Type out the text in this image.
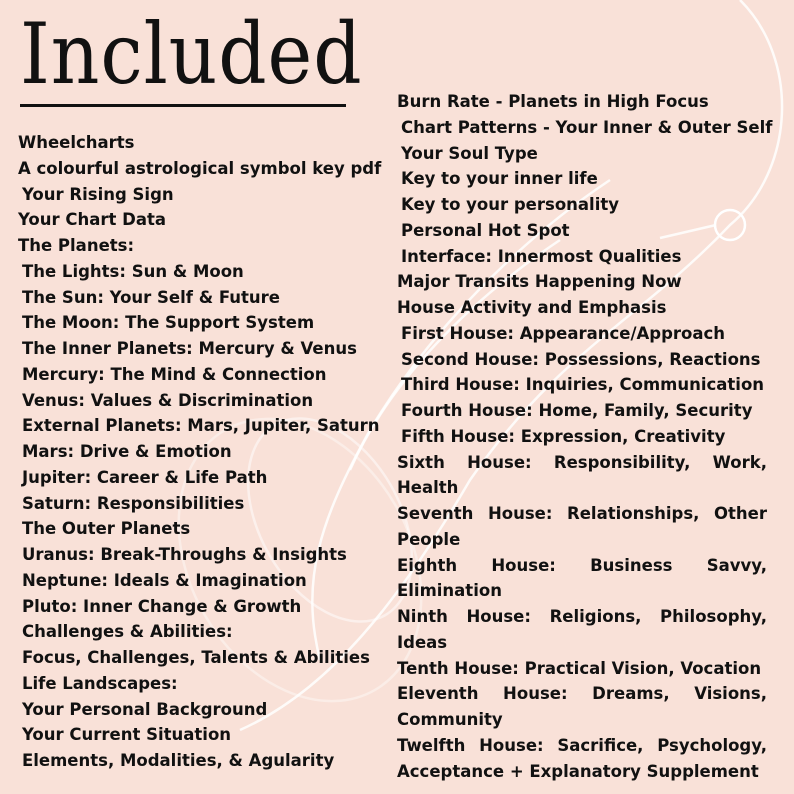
Included
Wheelcharts
A colourful astrological symbol key pdf
Your Rising Sign
Your Chart Data
The Planets:
The Lights: Sun & Moon
The Sun: Your Self & Future
The Moon: The Support System
The Inner Planets: Mercury & Venus
Mercury: The Mind & Connection
Venus: Values & Discrimination
External Planets: Mars, Jupiter, Saturn
Mars: Drive & Emotion
Jupiter: Career & Life Path
Saturn: Responsibilities
The Outer Planets
Uranus: Break-Throughs & Insights
Neptune: Ideals & Imagination
Pluto: Inner Change & Growth
Challenges & Abilities:
Focus, Challenges, Talents & Abilities
Life Landscapes:
Your Personal Background
Your Current Situation
Elements, Modalities, & Agularity
Burn Rate - Planets in High Focus
Chart Patterns - Your Inner & Outer Self
Your Soul Type
Key to your inner life
Key to your personality
Personal Hot Spot
Interface: Innermost Qualities
Major Transits Happening Now
House Activity and Emphasis
First House: Appearance/Approach
Second House: Possessions, Reactions
Third House: Inquiries, Communication
Fourth House: Home, Family, Security
Fifth House: Expression, Creativity
Sixth House: Responsibility, Work, Health
Seventh House: Relationships, Other People
Eighth House: Business Savvy, Elimination
Ninth House: Religions, Philosophy, Ideas
Tenth House: Practical Vision, Vocation
Eleventh House: Dreams, Visions, Community
Twelfth House: Sacrifice, Psychology, Acceptance + Explanatory Supplement
